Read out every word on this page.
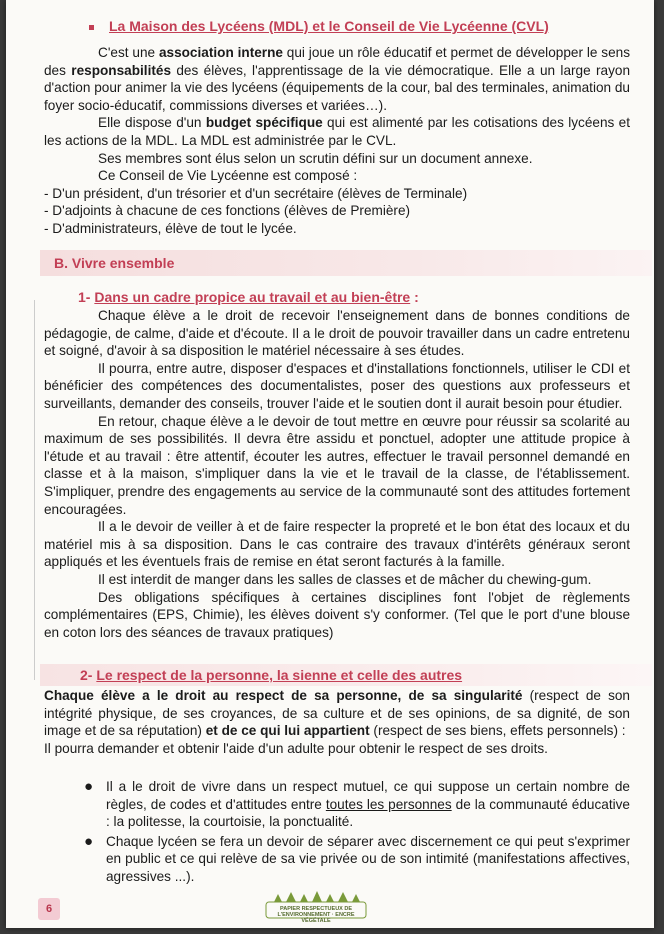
La Maison des Lycéens (MDL) et le Conseil de Vie Lycéenne (CVL)

C'est une association interne qui joue un rôle éducatif et permet de développer le sens des responsabilités des élèves, l'apprentissage de la vie démocratique. Elle a un large rayon d'action pour animer la vie des lycéens (équipements de la cour, bal des terminales, animation du foyer socio-éducatif, commissions diverses et variées…).

Elle dispose d'un budget spécifique qui est alimenté par les cotisations des lycéens et les actions de la MDL. La MDL est administrée par le CVL.

Ses membres sont élus selon un scrutin défini sur un document annexe.

Ce Conseil de Vie Lycéenne est composé :

- D'un président, d'un trésorier et d'un secrétaire (élèves de Terminale)

- D'adjoints à chacune de ces fonctions (élèves de Première)

- D'administrateurs, élève de tout le lycée.

B. Vivre ensemble
1- Dans un cadre propice au travail et au bien-être :

Chaque élève a le droit de recevoir l'enseignement dans de bonnes conditions de pédagogie, de calme, d'aide et d'écoute. Il a le droit de pouvoir travailler dans un cadre entretenu et soigné, d'avoir à sa disposition le matériel nécessaire à ses études.

Il pourra, entre autre, disposer d'espaces et d'installations fonctionnels, utiliser le CDI et bénéficier des compétences des documentalistes, poser des questions aux professeurs et surveillants, demander des conseils, trouver l'aide et le soutien dont il aurait besoin pour étudier.

En retour, chaque élève a le devoir de tout mettre en œuvre pour réussir sa scolarité au maximum de ses possibilités. Il devra être assidu et ponctuel, adopter une attitude propice à l'étude et au travail : être attentif, écouter les autres, effectuer le travail personnel demandé en classe et à la maison, s'impliquer dans la vie et le travail de la classe, de l'établissement. S'impliquer, prendre des engagements au service de la communauté sont des attitudes fortement encouragées.

Il a le devoir de veiller à et de faire respecter la propreté et le bon état des locaux et du matériel mis à sa disposition. Dans le cas contraire des travaux d'intérêts généraux seront appliqués et les éventuels frais de remise en état seront facturés à la famille.

Il est interdit de manger dans les salles de classes et de mâcher du chewing-gum.

Des obligations spécifiques à certaines disciplines font l'objet de règlements complémentaires (EPS, Chimie), les élèves doivent s'y conformer. (Tel que le port d'une blouse en coton lors des séances de travaux pratiques)

2- Le respect de la personne, la sienne et celle des autres

Chaque élève a le droit au respect de sa personne, de sa singularité (respect de son intégrité physique, de ses croyances, de sa culture et de ses opinions, de sa dignité, de son image et de sa réputation) et de ce qui lui appartient (respect de ses biens, effets personnels) :

Il pourra demander et obtenir l'aide d'un adulte pour obtenir le respect de ses droits.

● Il a le droit de vivre dans un respect mutuel, ce qui suppose un certain nombre de règles, de codes et d'attitudes entre toutes les personnes de la communauté éducative : la politesse, la courtoisie, la ponctualité.
● Chaque lycéen se fera un devoir de séparer avec discernement ce qui peut s'exprimer en public et ce qui relève de sa vie privée ou de son intimité (manifestations affectives, agressives ...).
6	PAPIER RESPECTUEUX DE L'ENVIRONNEMENT · ENCRE VÉGÉTALE
